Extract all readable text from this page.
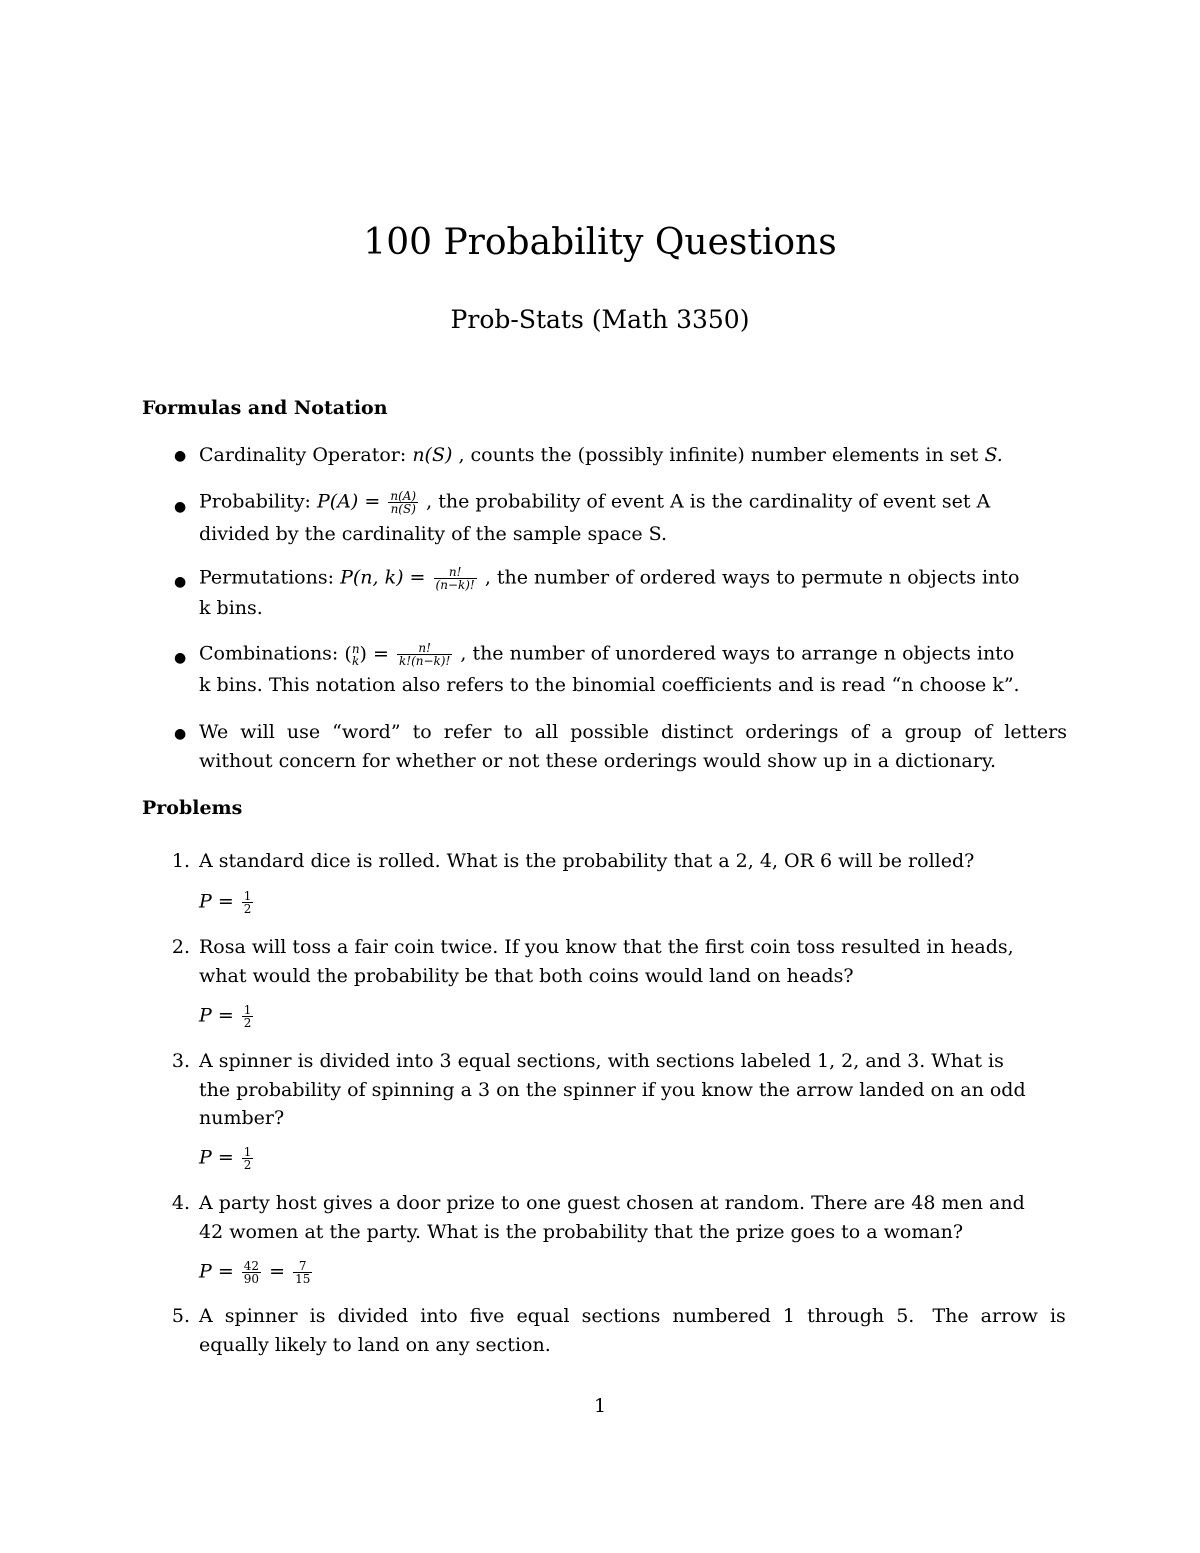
100 Probability Questions
Prob-Stats (Math 3350)
Formulas and Notation
● Cardinality Operator: n(S) , counts the (possibly infinite) number elements in set S.
● Probability: $P(A) = \frac{n(A)}{n(S)}$ , the probability of event A is the cardinality of event set A
divided by the cardinality of the sample space S.
● Permutations: P(n, $k) = \frac{n!}{(n-k)!}$ , the number of ordered ways to permute n objects into
k bins.
● Combinations: (n
$k) = \frac{n!}{k!(n-k)!}$ , the number of unordered ways to arrange n objects into
k bins. This notation also refers to the binomial coefficients and is read “n choose k”.
● We  will  use  “word”  to  refer  to  all  possible  distinct  orderings  of  a  group  of  letters
without concern for whether or not these orderings would show up in a dictionary.
Problems
1. A standard dice is rolled. What is the probability that a 2, 4, OR 6 will be rolled?
$P = \frac{1}{2}$
2. Rosa will toss a fair coin twice. If you know that the first coin toss resulted in heads,
what would the probability be that both coins would land on heads?
$P = \frac{1}{2}$
3. A spinner is divided into 3 equal sections, with sections labeled 1, 2, and 3. What is
the probability of spinning a 3 on the spinner if you know the arrow landed on an odd
number?
$P = \frac{1}{2}$
4. A party host gives a door prize to one guest chosen at random. There are 48 men and
42 women at the party. What is the probability that the prize goes to a woman?
$P = \frac{42}{90} = \frac{7}{15}$
5. A  spinner  is  divided  into  five  equal  sections  numbered  1  through  5.   The  arrow  is
equally likely to land on any section.
1
